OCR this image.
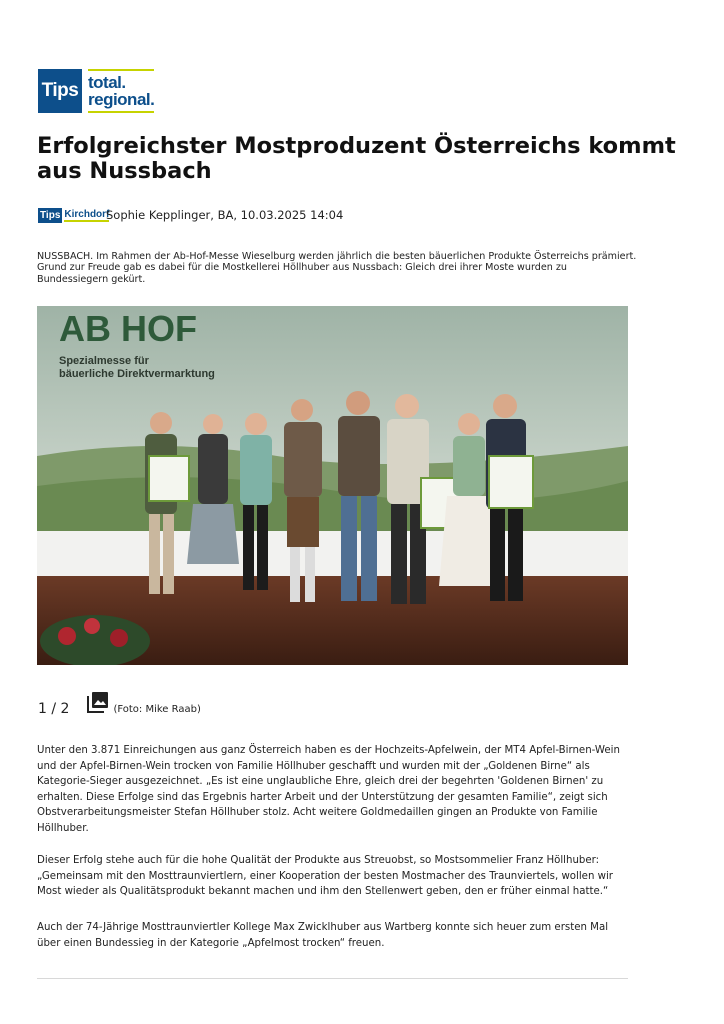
Tips total.
regional.
Erfolgreichster Mostproduzent Österreichs kommt aus Nussbach
Tips Kirchdorf
Sophie Kepplinger, BA, 10.03.2025 14:04

NUSSBACH. Im Rahmen der Ab-Hof-Messe Wieselburg werden jährlich die besten bäuerlichen Produkte Österreichs prämiert. Grund zur Freude gab es dabei für die Mostkellerei Höllhuber aus Nussbach: Gleich drei ihrer Moste wurden zu Bundessiegern gekürt.

AB HOF
Spezialmesse für
bäuerliche Direktvermarktung
1 / 2	(Foto: Mike Raab)

Unter den 3.871 Einreichungen aus ganz Österreich haben es der Hochzeits-Apfelwein, der MT4 Apfel-Birnen-Wein und der Apfel-Birnen-Wein trocken von Familie Höllhuber geschafft und wurden mit der „Goldenen Birne“ als Kategorie-Sieger ausgezeichnet. „Es ist eine unglaubliche Ehre, gleich drei der begehrten 'Goldenen Birnen' zu erhalten. Diese Erfolge sind das Ergebnis harter Arbeit und der Unterstützung der gesamten Familie“, zeigt sich Obstverarbeitungsmeister Stefan Höllhuber stolz. Acht weitere Goldmedaillen gingen an Produkte von Familie Höllhuber.

Dieser Erfolg stehe auch für die hohe Qualität der Produkte aus Streuobst, so Mostsommelier Franz Höllhuber: „Gemeinsam mit den Mosttraunviertlern, einer Kooperation der besten Mostmacher des Traunviertels, wollen wir Most wieder als Qualitätsprodukt bekannt machen und ihm den Stellenwert geben, den er früher einmal hatte.“

Auch der 74-Jährige Mosttraunviertler Kollege Max Zwicklhuber aus Wartberg konnte sich heuer zum ersten Mal über einen Bundessieg in der Kategorie „Apfelmost trocken“ freuen.
